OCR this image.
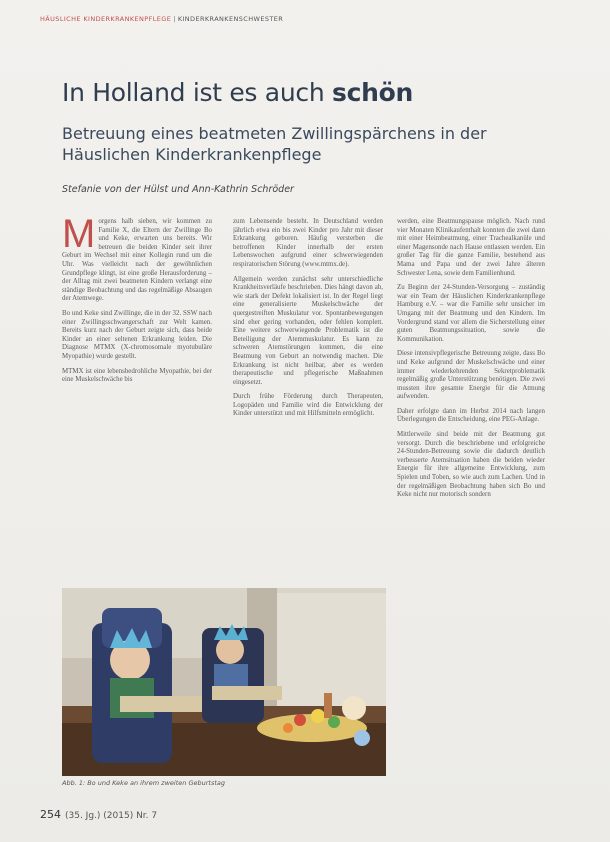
HÄUSLICHE KINDERKRANKENPFLEGE | KINDERKRANKENSCHWESTER
In Holland ist es auch schön
Betreuung eines beatmeten Zwillingspärchens in der Häuslichen Kinderkrankenpflege
Stefanie von der Hülst und Ann-Kathrin Schröder

Morgens halb sieben, wir kommen zu Familie X, die Eltern der Zwillinge Bo und Keke, erwarten uns bereits. Wir betreuen die beiden Kinder seit ihrer Geburt im Wechsel mit einer Kollegin rund um die Uhr. Was vielleicht nach der gewöhnlichen Grundpflege klingt, ist eine große Herausforderung – der Alltag mit zwei beatmeten Kindern verlangt eine ständige Beobachtung und das regelmäßige Absaugen der Atemwege.

Bo und Keke sind Zwillinge, die in der 32. SSW nach einer Zwillingsschwangerschaft zur Welt kamen. Bereits kurz nach der Geburt zeigte sich, dass beide Kinder an einer seltenen Erkrankung leiden. Die Diagnose MTMX (X-chromosomale myotubuläre Myopathie) wurde gestellt.

MTMX ist eine lebensbedrohliche Myopathie, bei der eine Muskelschwäche bis

zum Lebensende besteht. In Deutschland werden jährlich etwa ein bis zwei Kinder pro Jahr mit dieser Erkrankung geboren. Häufig versterben die betroffenen Kinder innerhalb der ersten Lebenswochen aufgrund einer schwerwiegenden respiratorischen Störung (www.mtmx.de).

Allgemein werden zunächst sehr unterschiedliche Krankheitsverläufe beschrieben. Dies hängt davon ab, wie stark der Defekt lokalisiert ist. In der Regel liegt eine generalisierte Muskelschwäche der quergestreiften Muskulatur vor. Spontanbewegungen sind eher gering vorhanden, oder fehlen komplett. Eine weitere schwerwiegende Problematik ist die Beteiligung der Atemmuskulatur. Es kann zu schweren Atemstörungen kommen, die eine Beatmung von Geburt an notwendig machen. Die Erkrankung ist nicht heilbar, aber es werden therapeutische und pflegerische Maßnahmen eingesetzt.

Durch frühe Förderung durch Therapeuten, Logopäden und Familie wird die Entwicklung der Kinder unterstützt und mit Hilfsmitteln ermöglicht.

werden, eine Beatmungspause möglich. Nach rund vier Monaten Klinikaufenthalt konnten die zwei dann mit einer Heimbeatmung, einer Trachealkanüle und einer Magensonde nach Hause entlassen werden. Ein großer Tag für die ganze Familie, bestehend aus Mama und Papa und der zwei Jahre älteren Schwester Lena, sowie dem Familienhund.

Zu Beginn der 24-Stunden-Versorgung – zuständig war ein Team der Häuslichen Kinderkrankenpflege Hamburg e.V. – war die Familie sehr unsicher im Umgang mit der Beatmung und den Kindern. Im Vordergrund stand vor allem die Sicherstellung einer guten Beatmungssituation, sowie die Kommunikation.

Diese intensivpflegerische Betreuung zeigte, dass Bo und Keke aufgrund der Muskelschwäche und einer immer wiederkehrenden Sekretproblematik regelmäßig große Unterstützung benötigen. Die zwei mussten ihre gesamte Energie für die Atmung aufwenden.

Daher erfolgte dann im Herbst 2014 nach langen Überlegungen die Entscheidung, eine PEG-Anlage.

Mittlerweile sind beide mit der Beatmung gut versorgt. Durch die beschriebene und erfolgreiche 24-Stunden-Betreuung sowie die dadurch deutlich verbesserte Atemsituation haben die beiden wieder Energie für ihre allgemeine Entwicklung, zum Spielen und Toben, so wie auch zum Lachen. Und in der regelmäßigen Beobachtung haben sich Bo und Keke nicht nur motorisch sondern

Abb. 1: Bo und Keke an ihrem zweiten Geburtstag
254 (35. Jg.) (2015) Nr. 7
